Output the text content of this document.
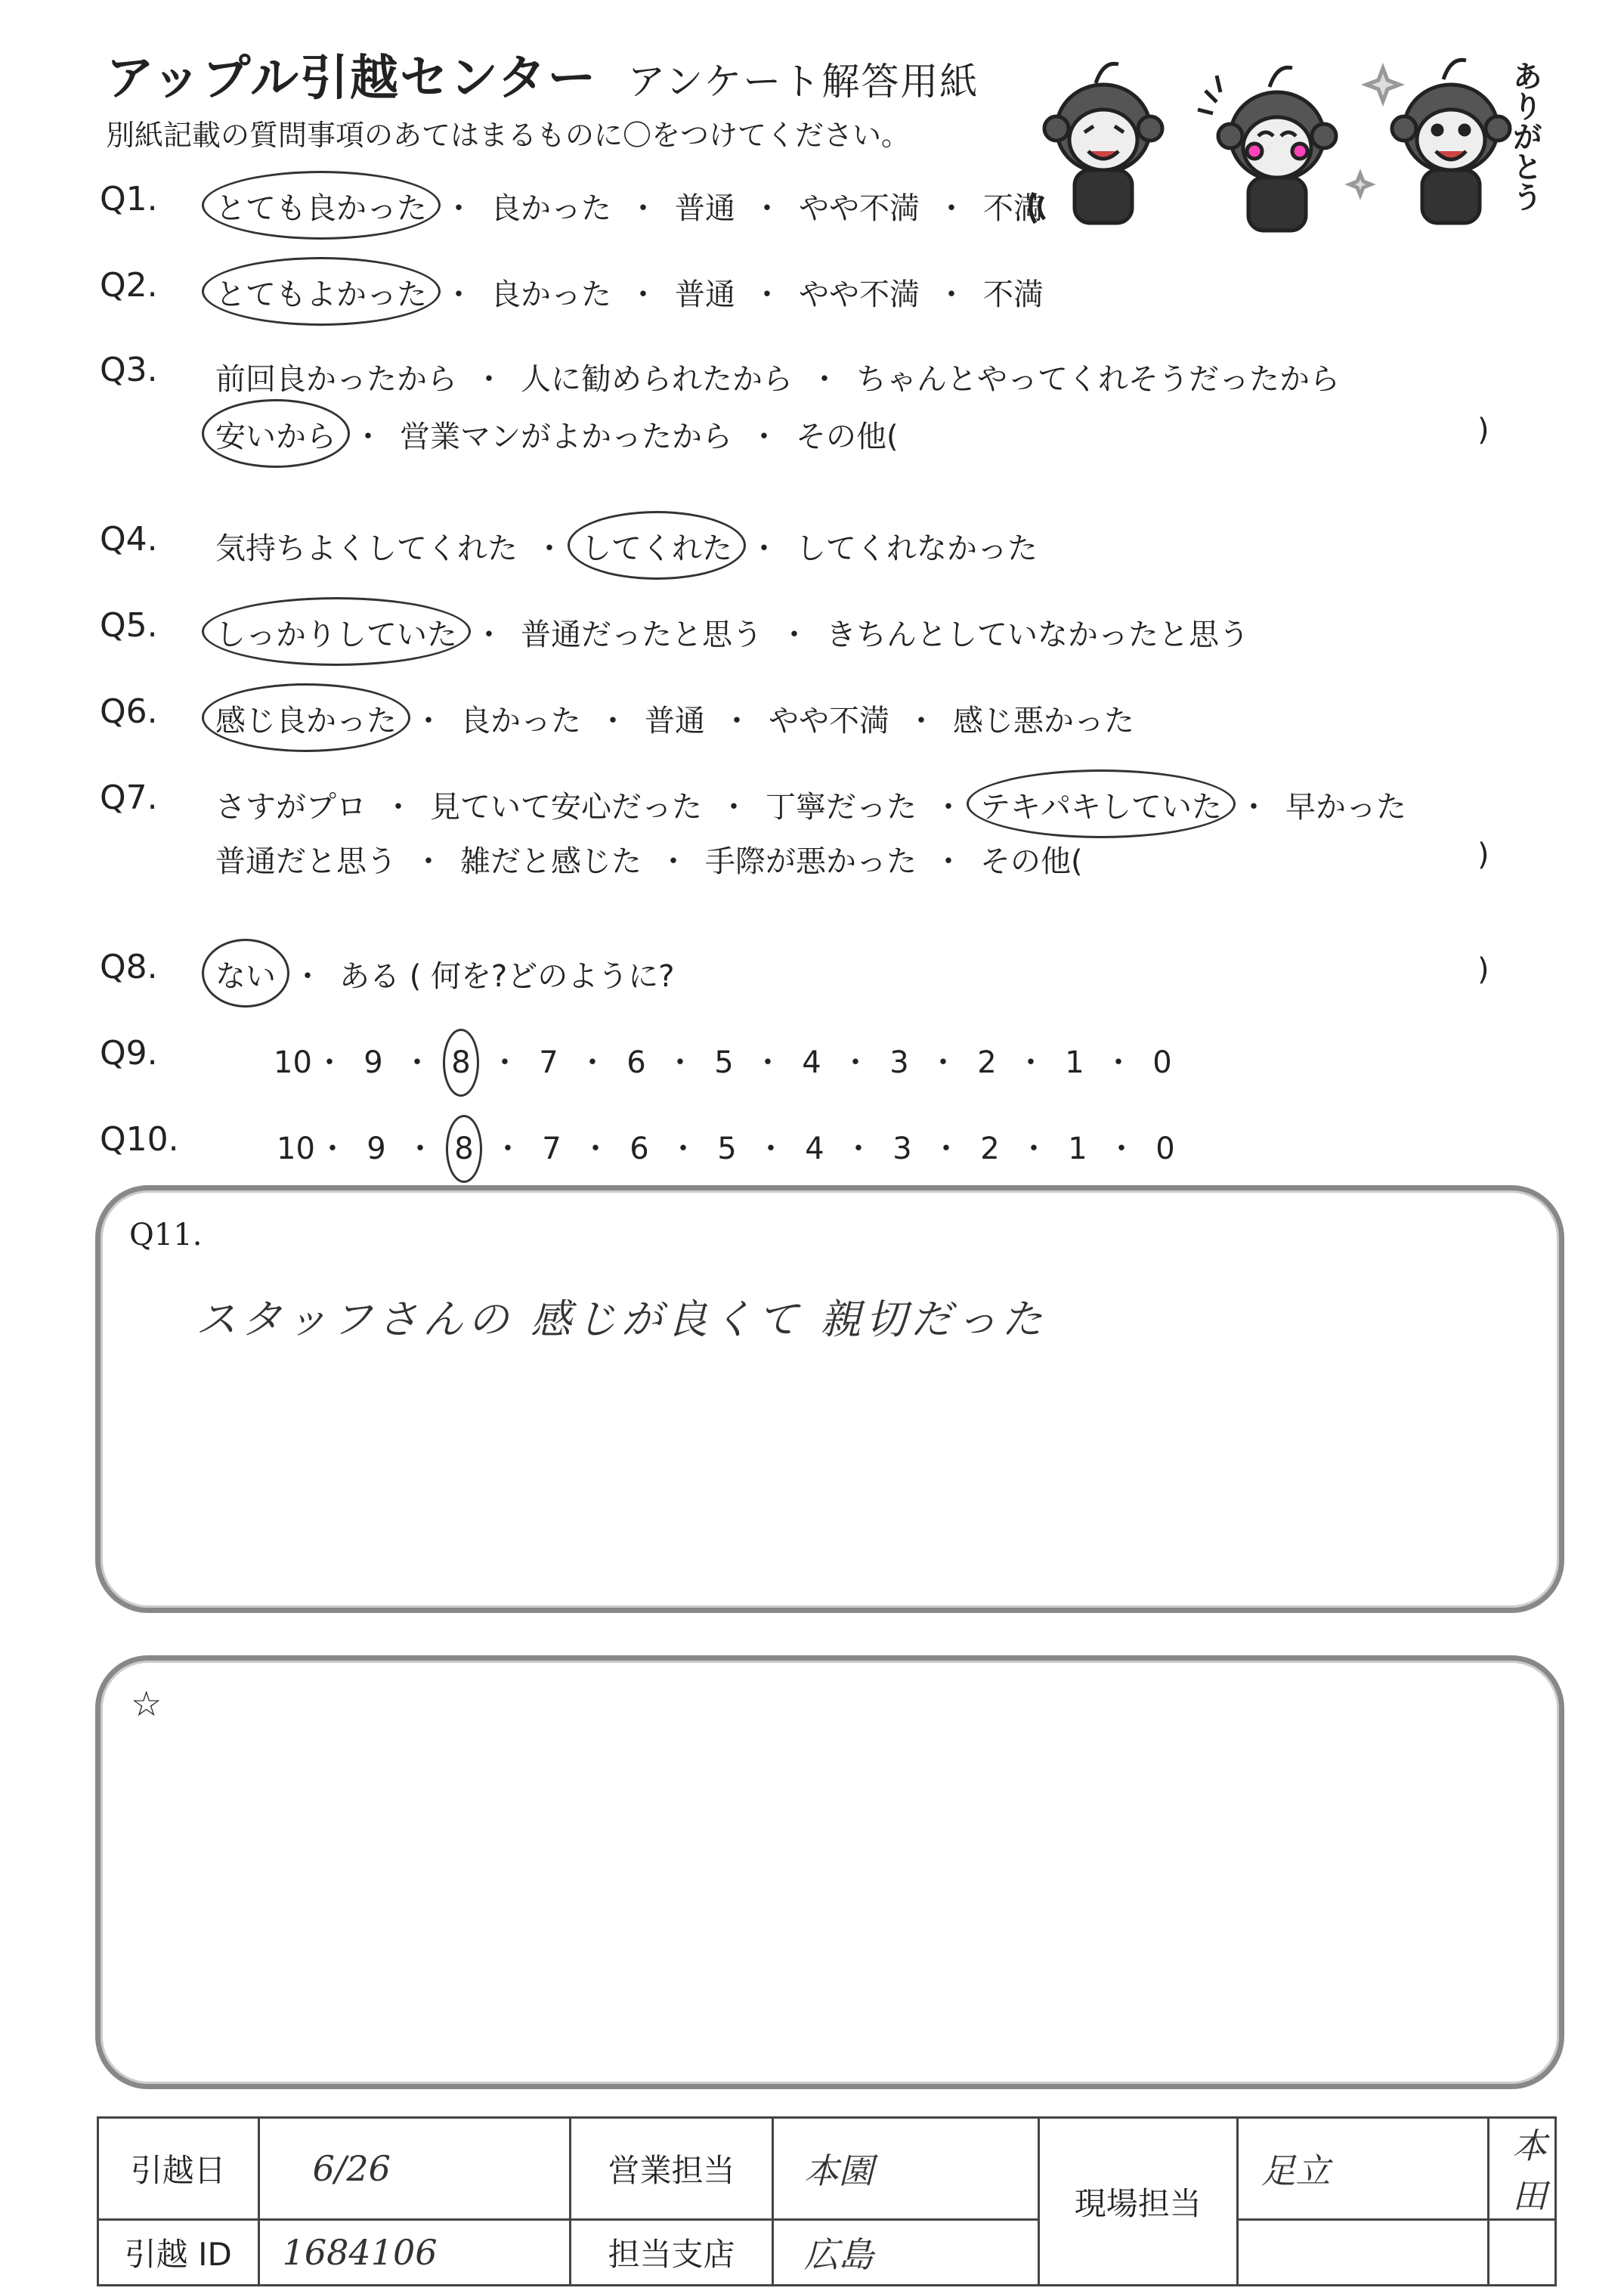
アップル引越センター アンケート解答用紙
別紙記載の質問事項のあてはまるものに〇をつけてください。	ありがとう
Q1. とても良かった ・ 良かった ・ 普通 ・ やや不満 ・ 不満
Q2. とてもよかった ・ 良かった ・ 普通 ・ やや不満 ・ 不満
Q3. 前回良かったから ・ 人に勧められたから ・ ちゃんとやってくれそうだったから
安いから ・ 営業マンがよかったから ・ その他(	)
Q4. 気持ちよくしてくれた ・ してくれた ・ してくれなかった
Q5. しっかりしていた ・ 普通だったと思う ・ きちんとしていなかったと思う
Q6. 感じ良かった ・ 良かった ・ 普通 ・ やや不満 ・ 感じ悪かった
Q7. さすがプロ ・ 見ていて安心だった ・ 丁寧だった ・ テキパキしていた ・ 早かった
普通だと思う ・ 雑だと感じた ・ 手際が悪かった ・ その他(	)
Q8. ない ・ ある ( 何を?どのように?	)
Q9.	10・ 9 ・ 8 ・ 7 ・ 6 ・ 5 ・ 4 ・ 3 ・ 2 ・ 1 ・ 0
Q10.	10・ 9 ・ 8 ・ 7 ・ 6 ・ 5 ・ 4 ・ 3 ・ 2 ・ 1 ・ 0
Q11.
スタッフさんの 感じが良くて 親切だった
☆
引越日	6/26	営業担当	本園	現場担当	足立	本田
引越 ID	1684106	担当支店	広島			
